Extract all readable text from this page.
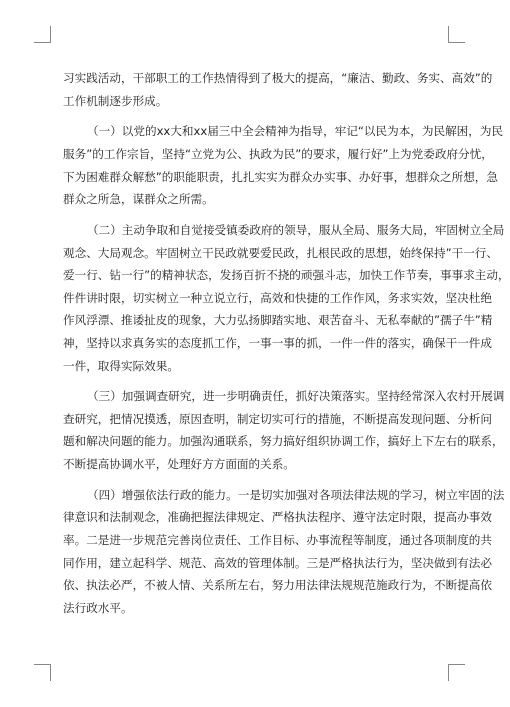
习实践活动，干部职工的工作热情得到了极大的提高，“廉洁、勤政、务实、高效”的
工作机制逐步形成。
（一）以党的xx大和xx届三中全会精神为指导，牢记“以民为本，为民解困，为民
服务”的工作宗旨，坚持“立党为公、执政为民”的要求，履行好”上为党委政府分忧，
下为困难群众解愁”的职能职责，扎扎实实为群众办实事、办好事，想群众之所想，急
群众之所急，谋群众之所需。
（二）主动争取和自觉接受镇委政府的领导，服从全局、服务大局，牢固树立全局
观念、大局观念。牢固树立干民政就要爱民政，扎根民政的思想，始终保持”干一行、
爱一行、钻一行”的精神状态，发扬百折不挠的顽强斗志，加快工作节奏，事事求主动，
件件讲时限，切实树立一种立说立行，高效和快捷的工作作风，务求实效，坚决杜绝
作风浮漂、推诿扯皮的现象，大力弘扬脚踏实地、艰苦奋斗、无私奉献的”孺子牛”精
神，坚持以求真务实的态度抓工作，一事一事的抓，一件一件的落实，确保干一件成
一件，取得实际效果。
（三）加强调查研究，进一步明确责任，抓好决策落实。坚持经常深入农村开展调
查研究，把情况摸透，原因查明，制定切实可行的措施，不断提高发现问题、分析问
题和解决问题的能力。加强沟通联系，努力搞好组织协调工作，搞好上下左右的联系，
不断提高协调水平，处理好方方面面的关系。
（四）增强依法行政的能力。一是切实加强对各项法律法规的学习，树立牢固的法
律意识和法制观念，准确把握法律规定、严格执法程序、遵守法定时限，提高办事效
率。二是进一步规范完善岗位责任、工作目标、办事流程等制度，通过各项制度的共
同作用，建立起科学、规范、高效的管理体制。三是严格执法行为，坚决做到有法必
依、执法必严，不被人情、关系所左右，努力用法律法规规范施政行为，不断提高依
法行政水平。
